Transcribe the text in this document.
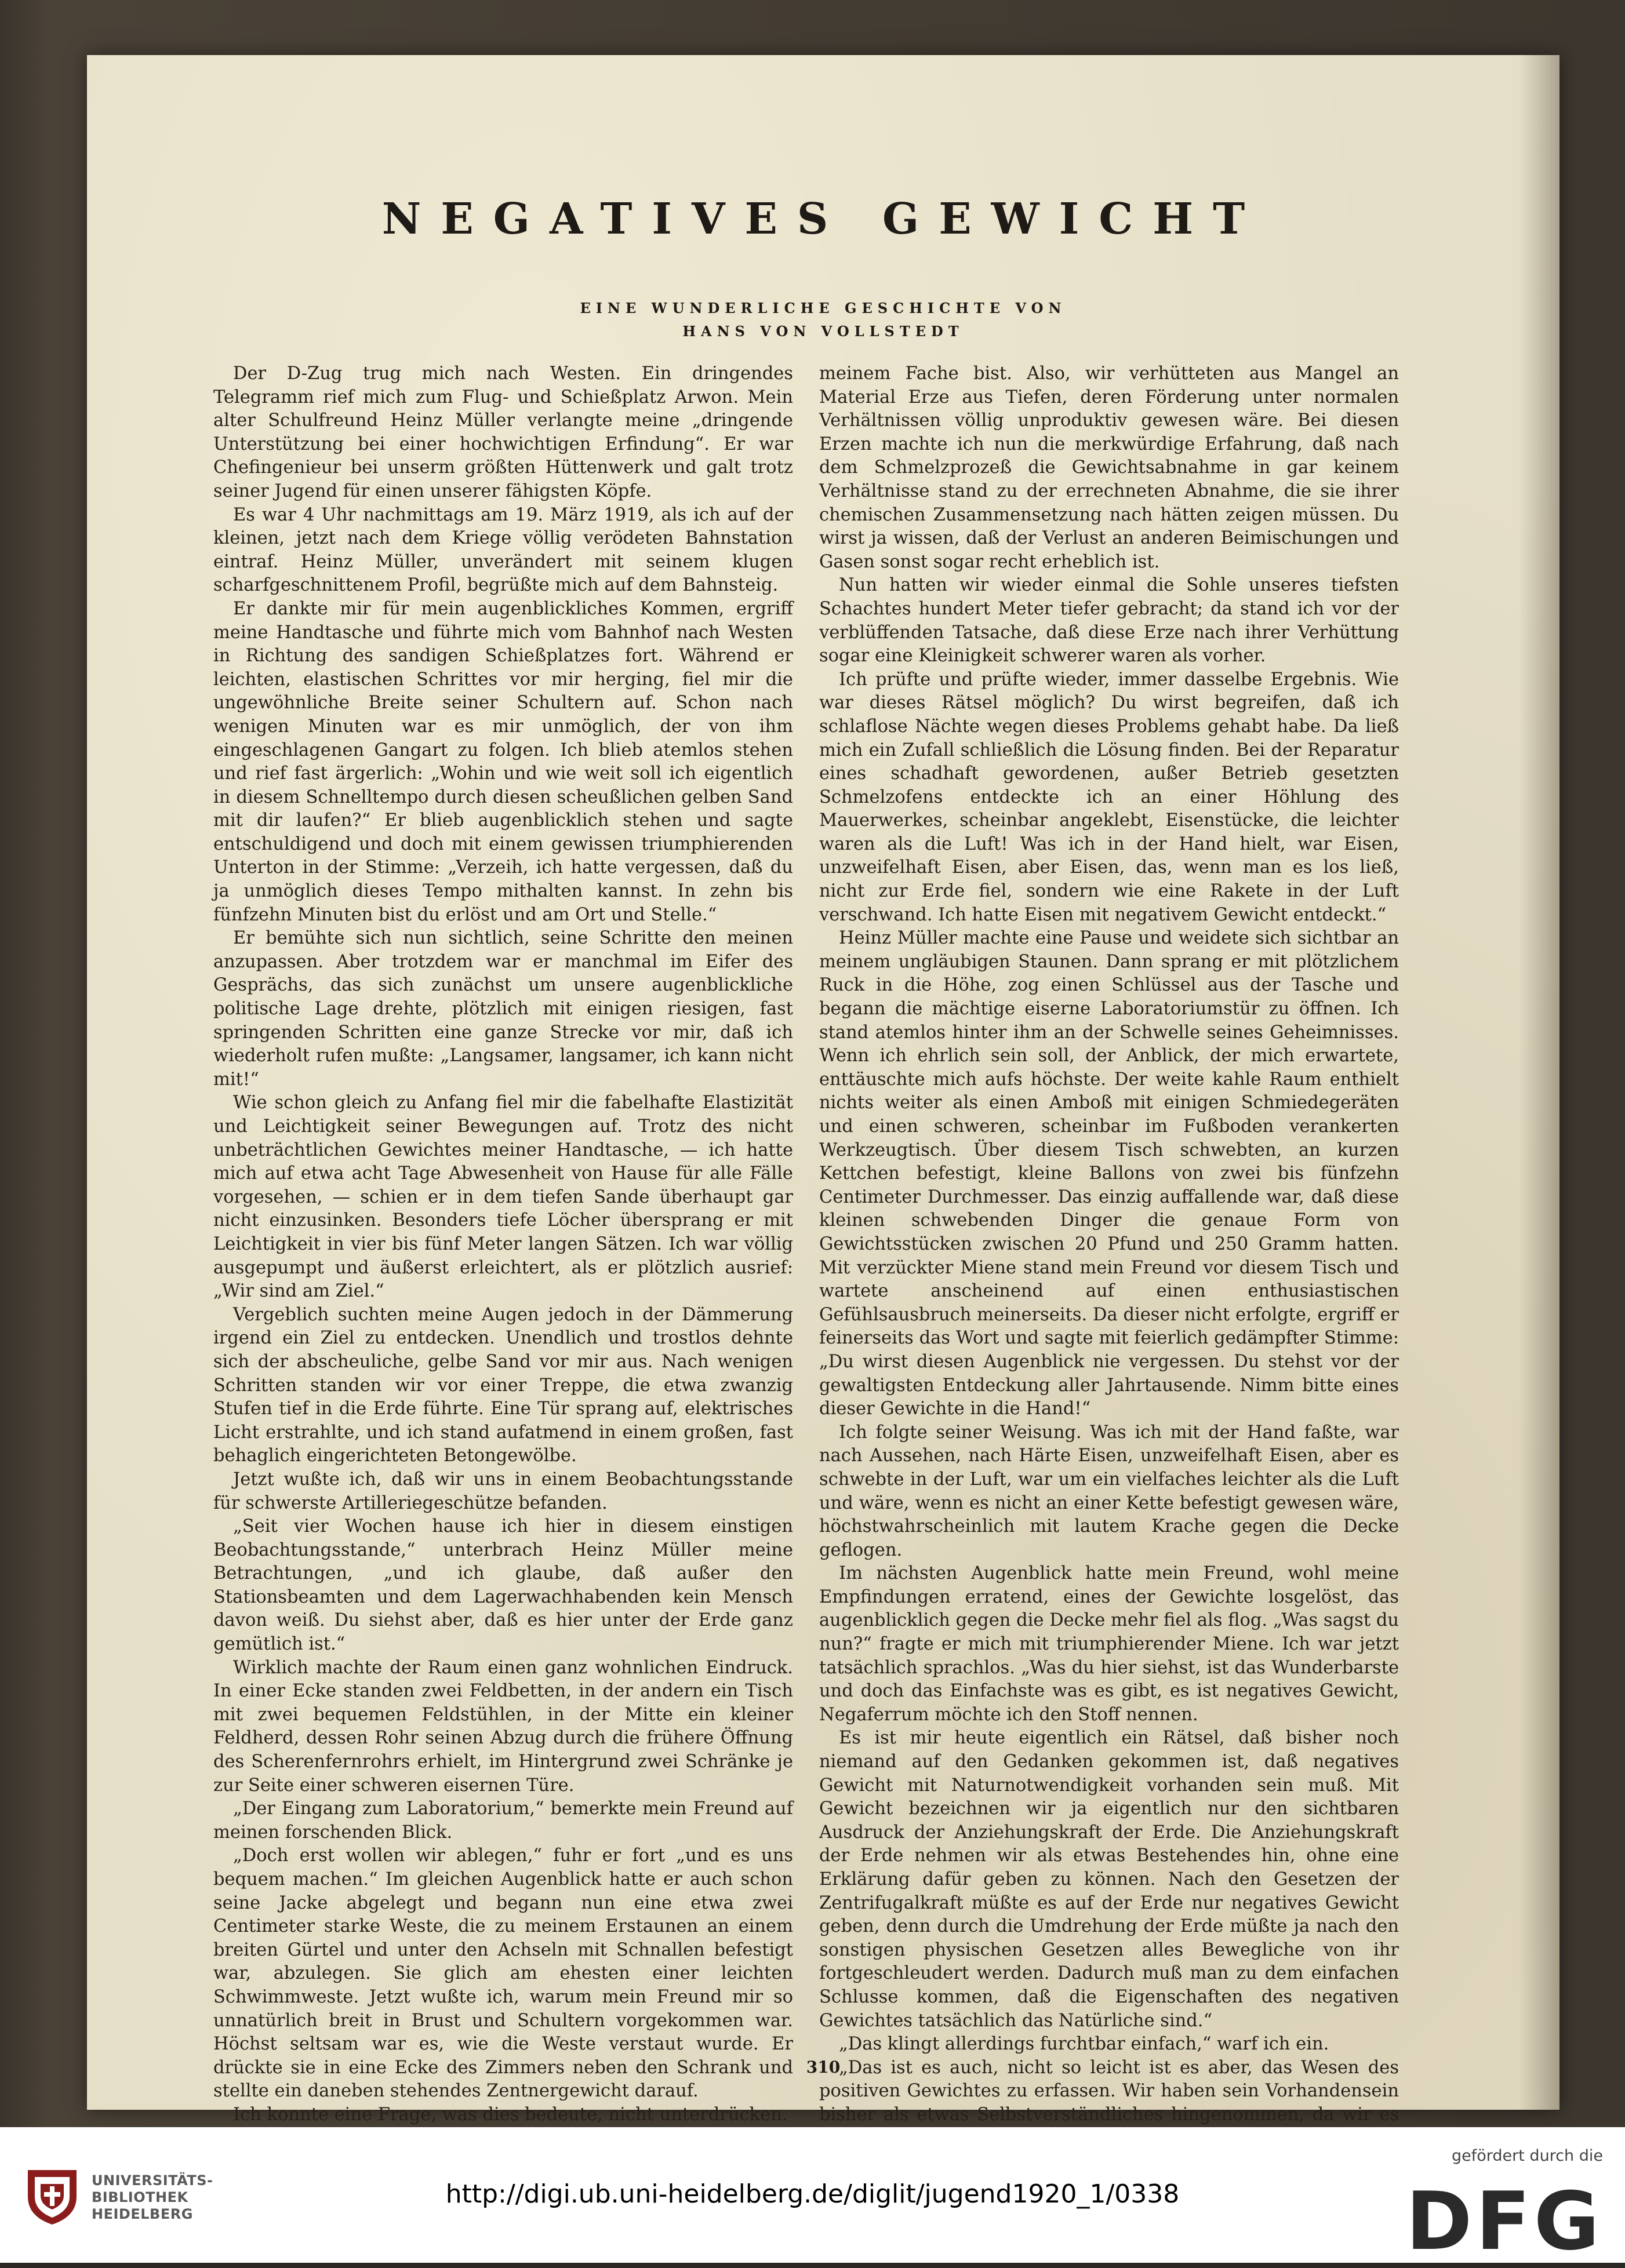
NEGATIVES GEWICHT
EINE WUNDERLICHE GESCHICHTE VON
HANS VON VOLLSTEDT

Der D-Zug trug mich nach Westen. Ein dringendes Telegramm rief mich zum Flug- und Schießplatz Arwon. Mein alter Schulfreund Heinz Müller verlangte meine „dringende Unterstützung bei einer hochwichtigen Erfindung“. Er war Chefingenieur bei unserm größten Hüttenwerk und galt trotz seiner Jugend für einen unserer fähigsten Köpfe.

Es war 4 Uhr nachmittags am 19. März 1919, als ich auf der kleinen, jetzt nach dem Kriege völlig verödeten Bahnstation eintraf. Heinz Müller, unverändert mit seinem klugen scharfgeschnittenem Profil, begrüßte mich auf dem Bahnsteig.

Er dankte mir für mein augenblickliches Kommen, ergriff meine Handtasche und führte mich vom Bahnhof nach Westen in Richtung des sandigen Schießplatzes fort. Während er leichten, elastischen Schrittes vor mir herging, fiel mir die ungewöhnliche Breite seiner Schultern auf. Schon nach wenigen Minuten war es mir unmöglich, der von ihm eingeschlagenen Gangart zu folgen. Ich blieb atemlos stehen und rief fast ärgerlich: „Wohin und wie weit soll ich eigentlich in diesem Schnelltempo durch diesen scheußlichen gelben Sand mit dir laufen?“ Er blieb augenblicklich stehen und sagte entschuldigend und doch mit einem gewissen triumphierenden Unterton in der Stimme: „Verzeih, ich hatte vergessen, daß du ja unmöglich dieses Tempo mithalten kannst. In zehn bis fünfzehn Minuten bist du erlöst und am Ort und Stelle.“

Er bemühte sich nun sichtlich, seine Schritte den meinen anzupassen. Aber trotzdem war er manchmal im Eifer des Gesprächs, das sich zunächst um unsere augenblickliche politische Lage drehte, plötzlich mit einigen riesigen, fast springenden Schritten eine ganze Strecke vor mir, daß ich wiederholt rufen mußte: „Langsamer, langsamer, ich kann nicht mit!“

Wie schon gleich zu Anfang fiel mir die fabelhafte Elastizität und Leichtigkeit seiner Bewegungen auf. Trotz des nicht unbeträchtlichen Gewichtes meiner Handtasche, — ich hatte mich auf etwa acht Tage Abwesenheit von Hause für alle Fälle vorgesehen, — schien er in dem tiefen Sande überhaupt gar nicht einzusinken. Besonders tiefe Löcher übersprang er mit Leichtigkeit in vier bis fünf Meter langen Sätzen. Ich war völlig ausgepumpt und äußerst erleichtert, als er plötzlich ausrief: „Wir sind am Ziel.“

Vergeblich suchten meine Augen jedoch in der Dämmerung irgend ein Ziel zu entdecken. Unendlich und trostlos dehnte sich der abscheuliche, gelbe Sand vor mir aus. Nach wenigen Schritten standen wir vor einer Treppe, die etwa zwanzig Stufen tief in die Erde führte. Eine Tür sprang auf, elektrisches Licht erstrahlte, und ich stand aufatmend in einem großen, fast behaglich eingerichteten Betongewölbe.

Jetzt wußte ich, daß wir uns in einem Beobachtungsstande für schwerste Artilleriegeschütze befanden.

„Seit vier Wochen hause ich hier in diesem einstigen Beobachtungsstande,“ unterbrach Heinz Müller meine Betrachtungen, „und ich glaube, daß außer den Stationsbeamten und dem Lagerwachhabenden kein Mensch davon weiß. Du siehst aber, daß es hier unter der Erde ganz gemütlich ist.“

Wirklich machte der Raum einen ganz wohnlichen Eindruck. In einer Ecke standen zwei Feldbetten, in der andern ein Tisch mit zwei bequemen Feldstühlen, in der Mitte ein kleiner Feldherd, dessen Rohr seinen Abzug durch die frühere Öffnung des Scherenfernrohrs erhielt, im Hintergrund zwei Schränke je zur Seite einer schweren eisernen Türe.

„Der Eingang zum Laboratorium,“ bemerkte mein Freund auf meinen forschenden Blick.

„Doch erst wollen wir ablegen,“ fuhr er fort „und es uns bequem machen.“ Im gleichen Augenblick hatte er auch schon seine Jacke abgelegt und begann nun eine etwa zwei Centimeter starke Weste, die zu meinem Erstaunen an einem breiten Gürtel und unter den Achseln mit Schnallen befestigt war, abzulegen. Sie glich am ehesten einer leichten Schwimmweste. Jetzt wußte ich, warum mein Freund mir so unnatürlich breit in Brust und Schultern vorgekommen war. Höchst seltsam war es, wie die Weste verstaut wurde. Er drückte sie in eine Ecke des Zimmers neben den Schrank und stellte ein daneben stehendes Zentnergewicht darauf.

Ich konnte eine Frage, was dies bedeute, nicht unterdrücken.

meinem Fache bist. Also, wir verhütteten aus Mangel an Material Erze aus Tiefen, deren Förderung unter normalen Verhältnissen völlig unproduktiv gewesen wäre. Bei diesen Erzen machte ich nun die merkwürdige Erfahrung, daß nach dem Schmelzprozeß die Gewichtsabnahme in gar keinem Verhältnisse stand zu der errechneten Abnahme, die sie ihrer chemischen Zusammensetzung nach hätten zeigen müssen. Du wirst ja wissen, daß der Verlust an anderen Beimischungen und Gasen sonst sogar recht erheblich ist.

Nun hatten wir wieder einmal die Sohle unseres tiefsten Schachtes hundert Meter tiefer gebracht; da stand ich vor der verblüffenden Tatsache, daß diese Erze nach ihrer Verhüttung sogar eine Kleinigkeit schwerer waren als vorher.

Ich prüfte und prüfte wieder, immer dasselbe Ergebnis. Wie war dieses Rätsel möglich? Du wirst begreifen, daß ich schlaflose Nächte wegen dieses Problems gehabt habe. Da ließ mich ein Zufall schließlich die Lösung finden. Bei der Reparatur eines schadhaft gewordenen, außer Betrieb gesetzten Schmelzofens entdeckte ich an einer Höhlung des Mauerwerkes, scheinbar angeklebt, Eisenstücke, die leichter waren als die Luft! Was ich in der Hand hielt, war Eisen, unzweifelhaft Eisen, aber Eisen, das, wenn man es los ließ, nicht zur Erde fiel, sondern wie eine Rakete in der Luft verschwand. Ich hatte Eisen mit negativem Gewicht entdeckt.“

Heinz Müller machte eine Pause und weidete sich sichtbar an meinem ungläubigen Staunen. Dann sprang er mit plötzlichem Ruck in die Höhe, zog einen Schlüssel aus der Tasche und begann die mächtige eiserne Laboratoriumstür zu öffnen. Ich stand atemlos hinter ihm an der Schwelle seines Geheimnisses. Wenn ich ehrlich sein soll, der Anblick, der mich erwartete, enttäuschte mich aufs höchste. Der weite kahle Raum enthielt nichts weiter als einen Amboß mit einigen Schmiedegeräten und einen schweren, scheinbar im Fußboden verankerten Werkzeugtisch. Über diesem Tisch schwebten, an kurzen Kettchen befestigt, kleine Ballons von zwei bis fünfzehn Centimeter Durchmesser. Das einzig auffallende war, daß diese kleinen schwebenden Dinger die genaue Form von Gewichtsstücken zwischen 20 Pfund und 250 Gramm hatten. Mit verzückter Miene stand mein Freund vor diesem Tisch und wartete anscheinend auf einen enthusiastischen Gefühlsausbruch meinerseits. Da dieser nicht erfolgte, ergriff er feinerseits das Wort und sagte mit feierlich gedämpfter Stimme: „Du wirst diesen Augenblick nie vergessen. Du stehst vor der gewaltigsten Entdeckung aller Jahrtausende. Nimm bitte eines dieser Gewichte in die Hand!“

Ich folgte seiner Weisung. Was ich mit der Hand faßte, war nach Aussehen, nach Härte Eisen, unzweifelhaft Eisen, aber es schwebte in der Luft, war um ein vielfaches leichter als die Luft und wäre, wenn es nicht an einer Kette befestigt gewesen wäre, höchstwahrscheinlich mit lautem Krache gegen die Decke geflogen.

Im nächsten Augenblick hatte mein Freund, wohl meine Empfindungen erratend, eines der Gewichte losgelöst, das augenblicklich gegen die Decke mehr fiel als flog. „Was sagst du nun?“ fragte er mich mit triumphierender Miene. Ich war jetzt tatsächlich sprachlos. „Was du hier siehst, ist das Wunderbarste und doch das Einfachste was es gibt, es ist negatives Gewicht, Negaferrum möchte ich den Stoff nennen.

Es ist mir heute eigentlich ein Rätsel, daß bisher noch niemand auf den Gedanken gekommen ist, daß negatives Gewicht mit Naturnotwendigkeit vorhanden sein muß. Mit Gewicht bezeichnen wir ja eigentlich nur den sichtbaren Ausdruck der Anziehungskraft der Erde. Die Anziehungskraft der Erde nehmen wir als etwas Bestehendes hin, ohne eine Erklärung dafür geben zu können. Nach den Gesetzen der Zentrifugalkraft müßte es auf der Erde nur negatives Gewicht geben, denn durch die Umdrehung der Erde müßte ja nach den sonstigen physischen Gesetzen alles Bewegliche von ihr fortgeschleudert werden. Dadurch muß man zu dem einfachen Schlusse kommen, daß die Eigenschaften des negativen Gewichtes tatsächlich das Natürliche sind.“

„Das klingt allerdings furchtbar einfach,“ warf ich ein.

„Das ist es auch, nicht so leicht ist es aber, das Wesen des positiven Gewichtes zu erfassen. Wir haben sein Vorhandensein bisher als etwas Selbstverständliches hingenommen, da wir es

310
UNIVERSITÄTS-
BIBLIOTHEK
HEIDELBERG
http://digi.ub.uni-heidelberg.de/diglit/jugend1920_1/0338
gefördert durch die
DFG
